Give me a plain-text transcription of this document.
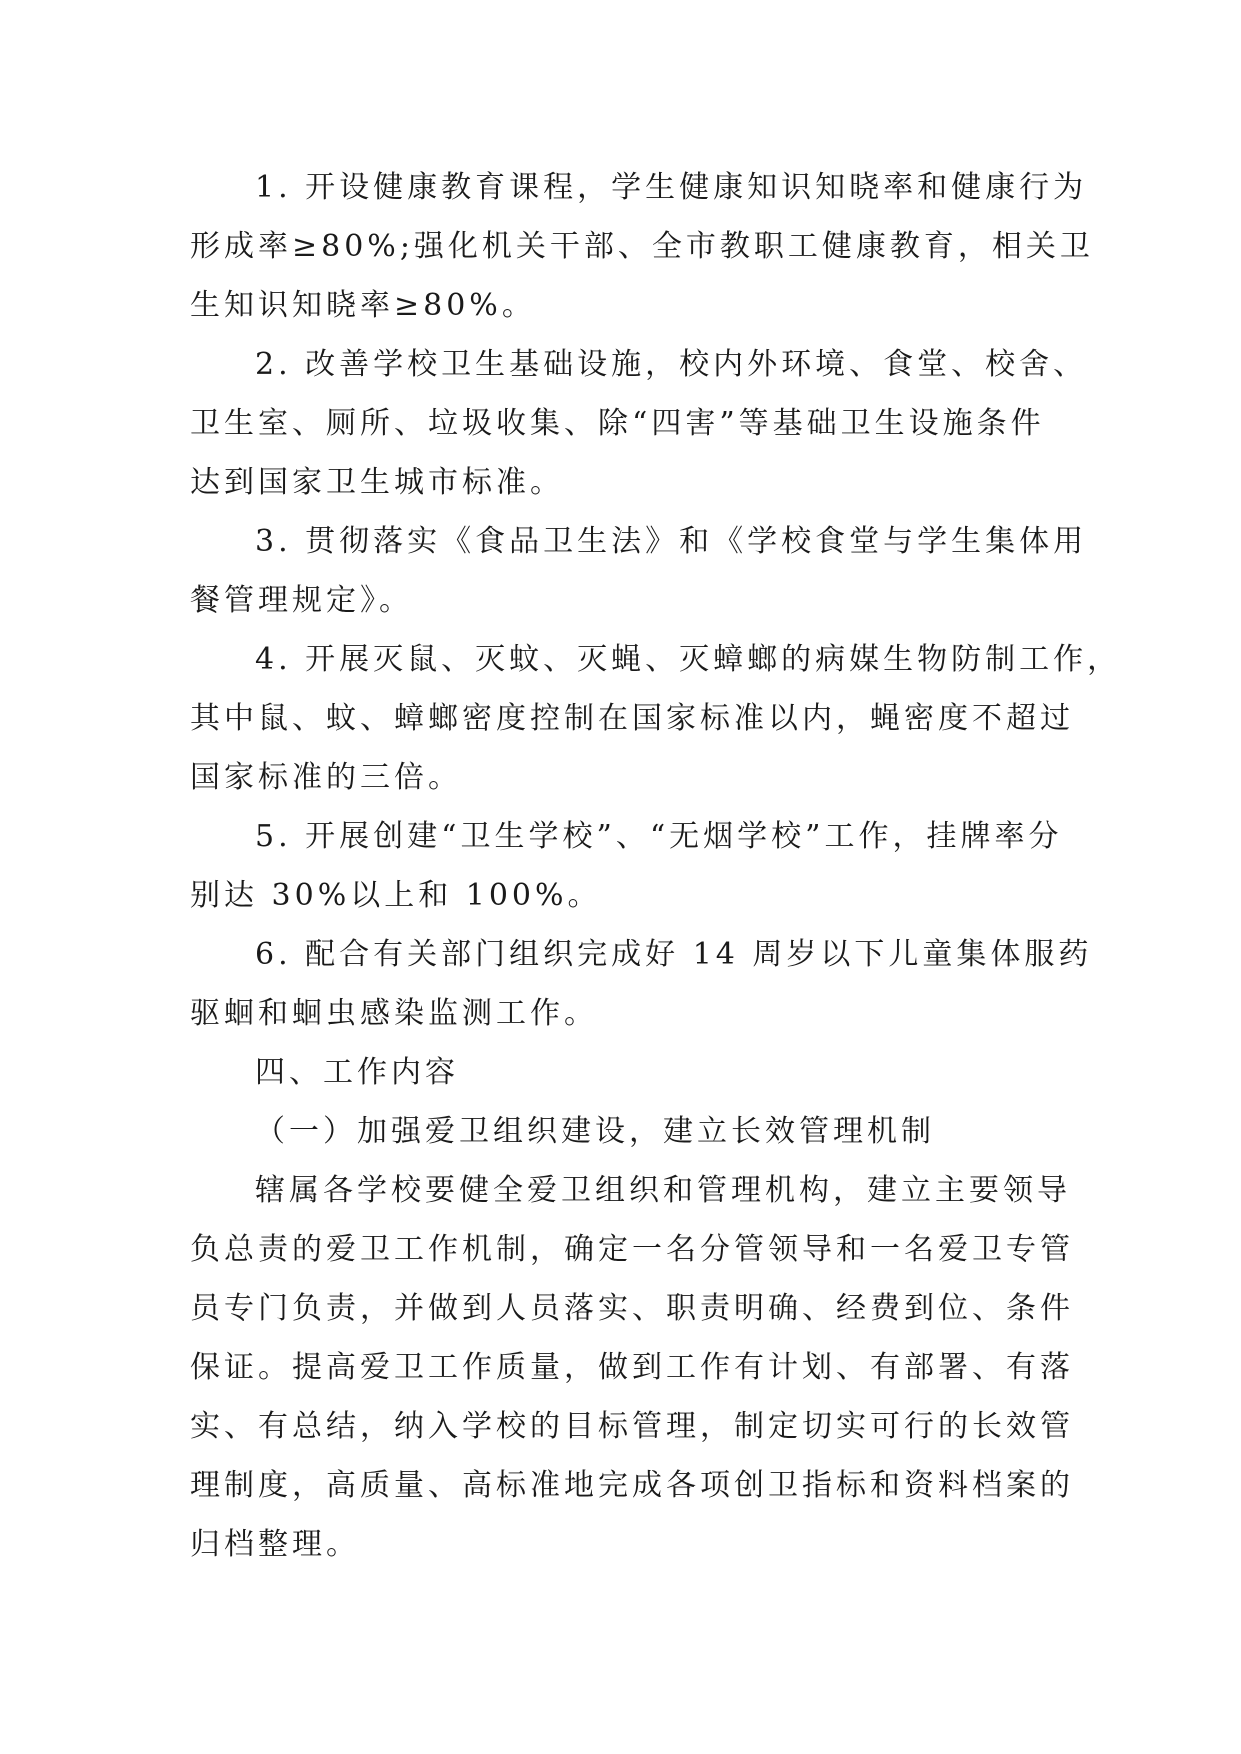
1. 开设健康教育课程，学生健康知识知晓率和健康行为
形成率≥80%;强化机关干部、全市教职工健康教育，相关卫
生知识知晓率≥80%。
2. 改善学校卫生基础设施，校内外环境、食堂、校舍、
卫生室、厕所、垃圾收集、除“四害”等基础卫生设施条件
达到国家卫生城市标准。
3. 贯彻落实《食品卫生法》和《学校食堂与学生集体用
餐管理规定》。
4. 开展灭鼠、灭蚊、灭蝇、灭蟑螂的病媒生物防制工作，
其中鼠、蚊、蟑螂密度控制在国家标准以内，蝇密度不超过
国家标准的三倍。
5. 开展创建“卫生学校”、“无烟学校”工作，挂牌率分
别达 30%以上和 100%。
6. 配合有关部门组织完成好 14 周岁以下儿童集体服药
驱蛔和蛔虫感染监测工作。
四、工作内容
（一）加强爱卫组织建设，建立长效管理机制
辖属各学校要健全爱卫组织和管理机构，建立主要领导
负总责的爱卫工作机制，确定一名分管领导和一名爱卫专管
员专门负责，并做到人员落实、职责明确、经费到位、条件
保证。提高爱卫工作质量，做到工作有计划、有部署、有落
实、有总结，纳入学校的目标管理，制定切实可行的长效管
理制度，高质量、高标准地完成各项创卫指标和资料档案的
归档整理。
